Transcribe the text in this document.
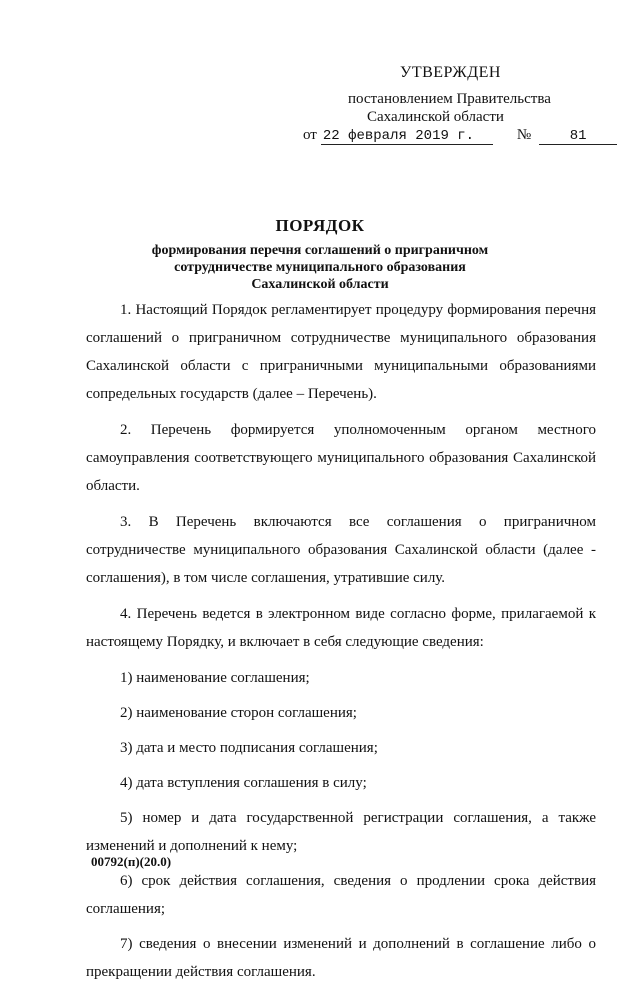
УТВЕРЖДЕН
постановлением Правительства
Сахалинской области
от 22 февраля 2019 г.	№	81
ПОРЯДОК
формирования перечня соглашений о приграничном сотрудничестве муниципального образования Сахалинской области

1. Настоящий Порядок регламентирует процедуру формирования перечня соглашений о приграничном сотрудничестве муниципального образования Сахалинской области с приграничными муниципальными образованиями сопредельных государств (далее – Перечень).

2. Перечень формируется уполномоченным органом местного самоуправления соответствующего муниципального образования Сахалинской области.

3. В Перечень включаются все соглашения о приграничном сотрудничестве муниципального образования Сахалинской области (далее - соглашения), в том числе соглашения, утратившие силу.

4. Перечень ведется в электронном виде согласно форме, прилагаемой к настоящему Порядку, и включает в себя следующие сведения:

1) наименование соглашения;

2) наименование сторон соглашения;

3) дата и место подписания соглашения;

4) дата вступления соглашения в силу;

5) номер и дата государственной регистрации соглашения, а также изменений и дополнений к нему;

6) срок действия соглашения, сведения о продлении срока действия соглашения;

7) сведения о внесении изменений и дополнений в соглашение либо о прекращении действия соглашения.

00792(п)(20.0)
